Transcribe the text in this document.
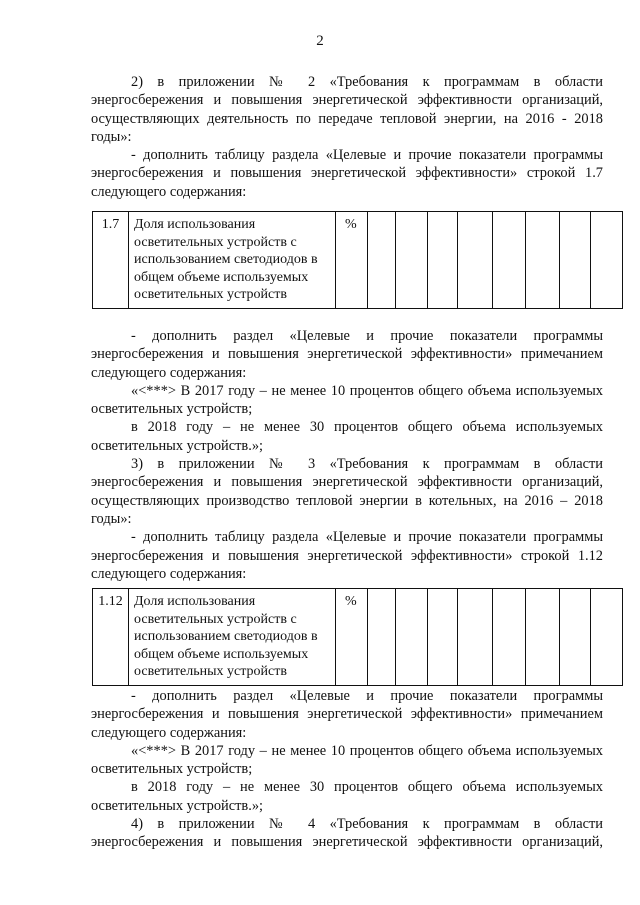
2

2) в приложении № 2 «Требования к программам в области энергосбережения и повышения энергетической эффективности организаций, осуществляющих деятельность по передаче тепловой энергии, на 2016 - 2018 годы»:

- дополнить таблицу раздела «Целевые и прочие показатели программы энергосбережения и повышения энергетической эффективности» строкой 1.7 следующего содержания:

1.7	Доля использования осветительных устройств с использованием светодиодов в общем объеме используемых осветительных устройств	%								

- дополнить раздел «Целевые и прочие показатели программы энергосбережения и повышения энергетической эффективности» примечанием следующего содержания:

«<***> В 2017 году – не менее 10 процентов общего объема используемых осветительных устройств;

в 2018 году – не менее 30 процентов общего объема используемых осветительных устройств.»;

3) в приложении № 3 «Требования к программам в области энергосбережения и повышения энергетической эффективности организаций, осуществляющих производство тепловой энергии в котельных, на 2016 – 2018 годы»:

- дополнить таблицу раздела «Целевые и прочие показатели программы энергосбережения и повышения энергетической эффективности» строкой 1.12 следующего содержания:

1.12	Доля использования осветительных устройств с использованием светодиодов в общем объеме используемых осветительных устройств	%								

- дополнить раздел «Целевые и прочие показатели программы энергосбережения и повышения энергетической эффективности» примечанием следующего содержания:

«<***> В 2017 году – не менее 10 процентов общего объема используемых осветительных устройств;

в 2018 году – не менее 30 процентов общего объема используемых осветительных устройств.»;

4) в приложении № 4 «Требования к программам в области энергосбережения и повышения энергетической эффективности организаций,
